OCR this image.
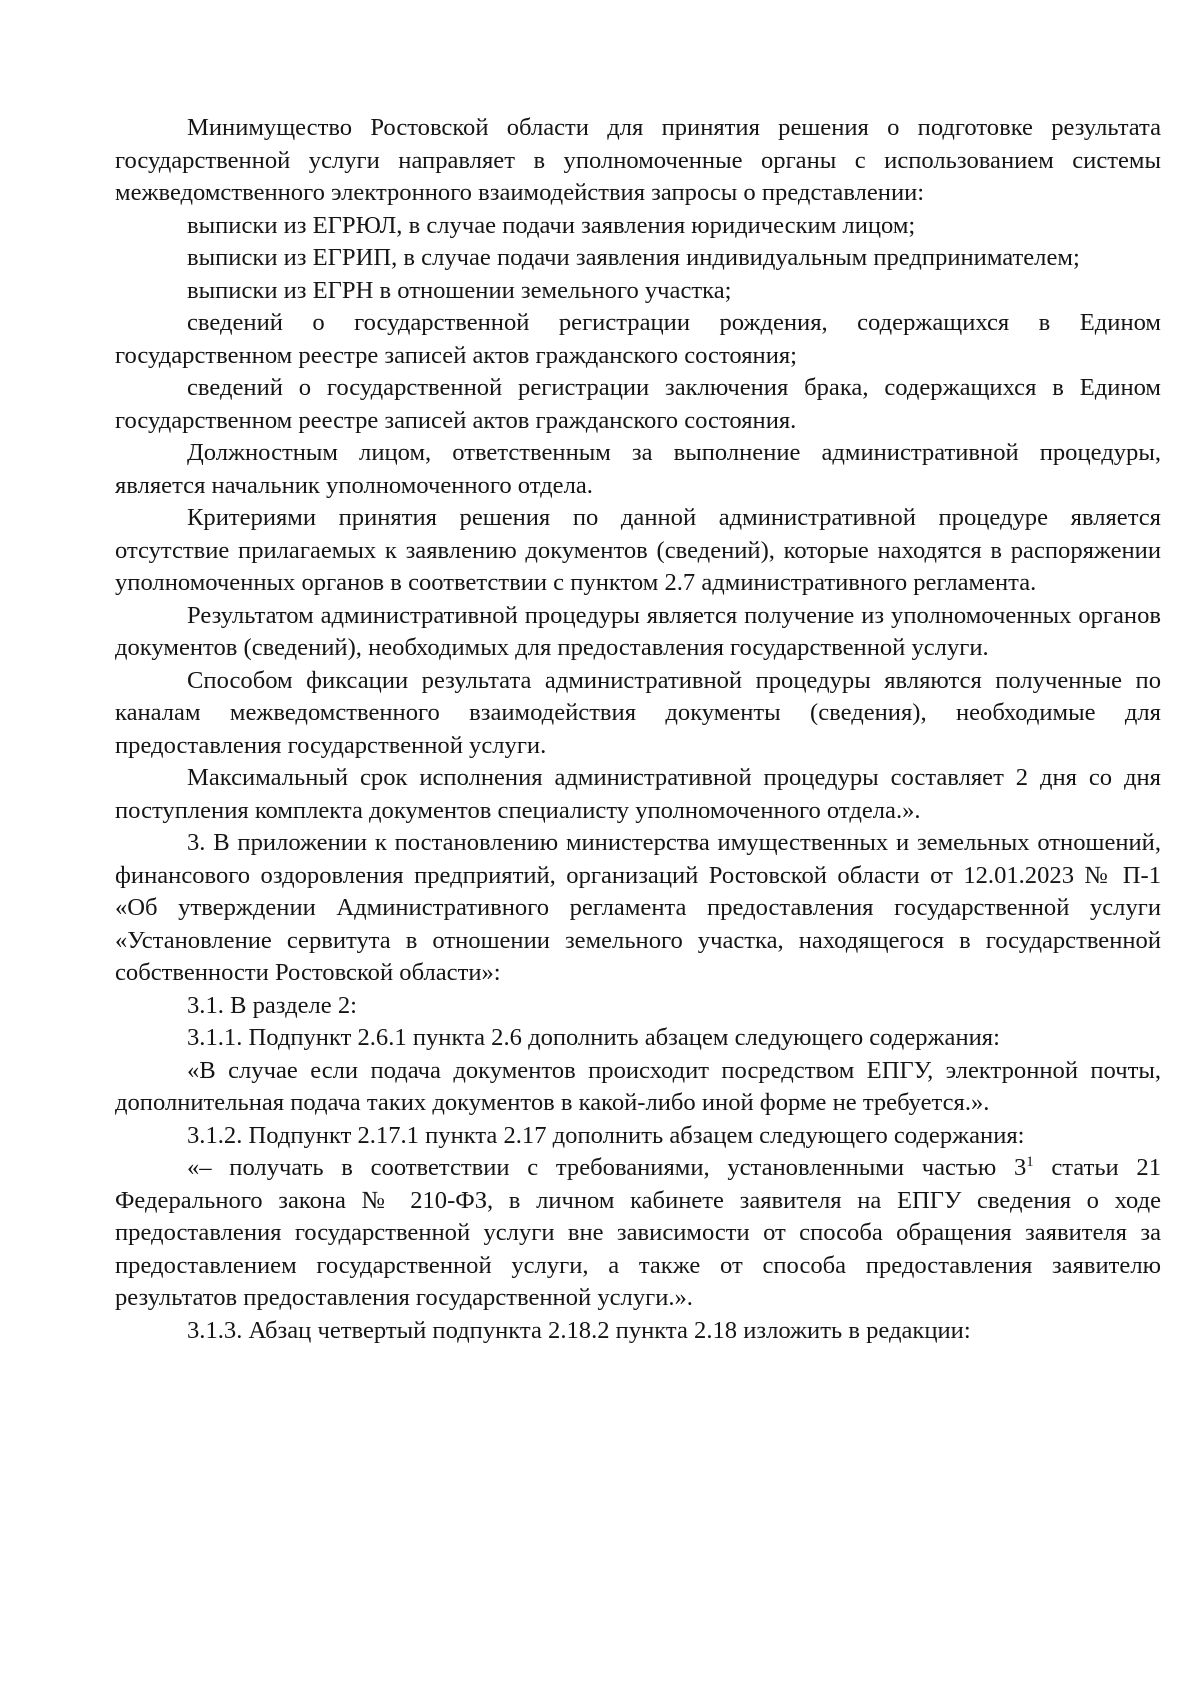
Минимущество Ростовской области для принятия решения о подготовке результата государственной услуги направляет в уполномоченные органы с использованием системы межведомственного электронного взаимодействия запросы о представлении:

выписки из ЕГРЮЛ, в случае подачи заявления юридическим лицом;

выписки из ЕГРИП, в случае подачи заявления индивидуальным предпринимателем;

выписки из ЕГРН в отношении земельного участка;

сведений о государственной регистрации рождения, содержащихся в Едином государственном реестре записей актов гражданского состояния;

сведений о государственной регистрации заключения брака, содержащихся в Едином государственном реестре записей актов гражданского состояния.

Должностным лицом, ответственным за выполнение административной процедуры, является начальник уполномоченного отдела.

Критериями принятия решения по данной административной процедуре является отсутствие прилагаемых к заявлению документов (сведений), которые находятся в распоряжении уполномоченных органов в соответствии с пунктом 2.7 административного регламента.

Результатом административной процедуры является получение из уполномоченных органов документов (сведений), необходимых для предоставления государственной услуги.

Способом фиксации результата административной процедуры являются полученные по каналам межведомственного взаимодействия документы (сведения), необходимые для предоставления государственной услуги.

Максимальный срок исполнения административной процедуры составляет 2 дня со дня поступления комплекта документов специалисту уполномоченного отдела.».

3. В приложении к постановлению министерства имущественных и земельных отношений, финансового оздоровления предприятий, организаций Ростовской области от 12.01.2023 № П-1 «Об утверждении Административного регламента предоставления государственной услуги «Установление сервитута в отношении земельного участка, находящегося в государственной собственности Ростовской области»:

3.1. В разделе 2:

3.1.1. Подпункт 2.6.1 пункта 2.6 дополнить абзацем следующего содержания:

«В случае если подача документов происходит посредством ЕПГУ, электронной почты, дополнительная подача таких документов в какой-либо иной форме не требуется.».

3.1.2. Подпункт 2.17.1 пункта 2.17 дополнить абзацем следующего содержания:

«– получать в соответствии с требованиями, установленными частью $3^1$ статьи 21 Федерального закона № 210-ФЗ, в личном кабинете заявителя на ЕПГУ сведения о ходе предоставления государственной услуги вне зависимости от способа обращения заявителя за предоставлением государственной услуги, а также от способа предоставления заявителю результатов предоставления государственной услуги.».

3.1.3. Абзац четвертый подпункта 2.18.2 пункта 2.18 изложить в редакции:
